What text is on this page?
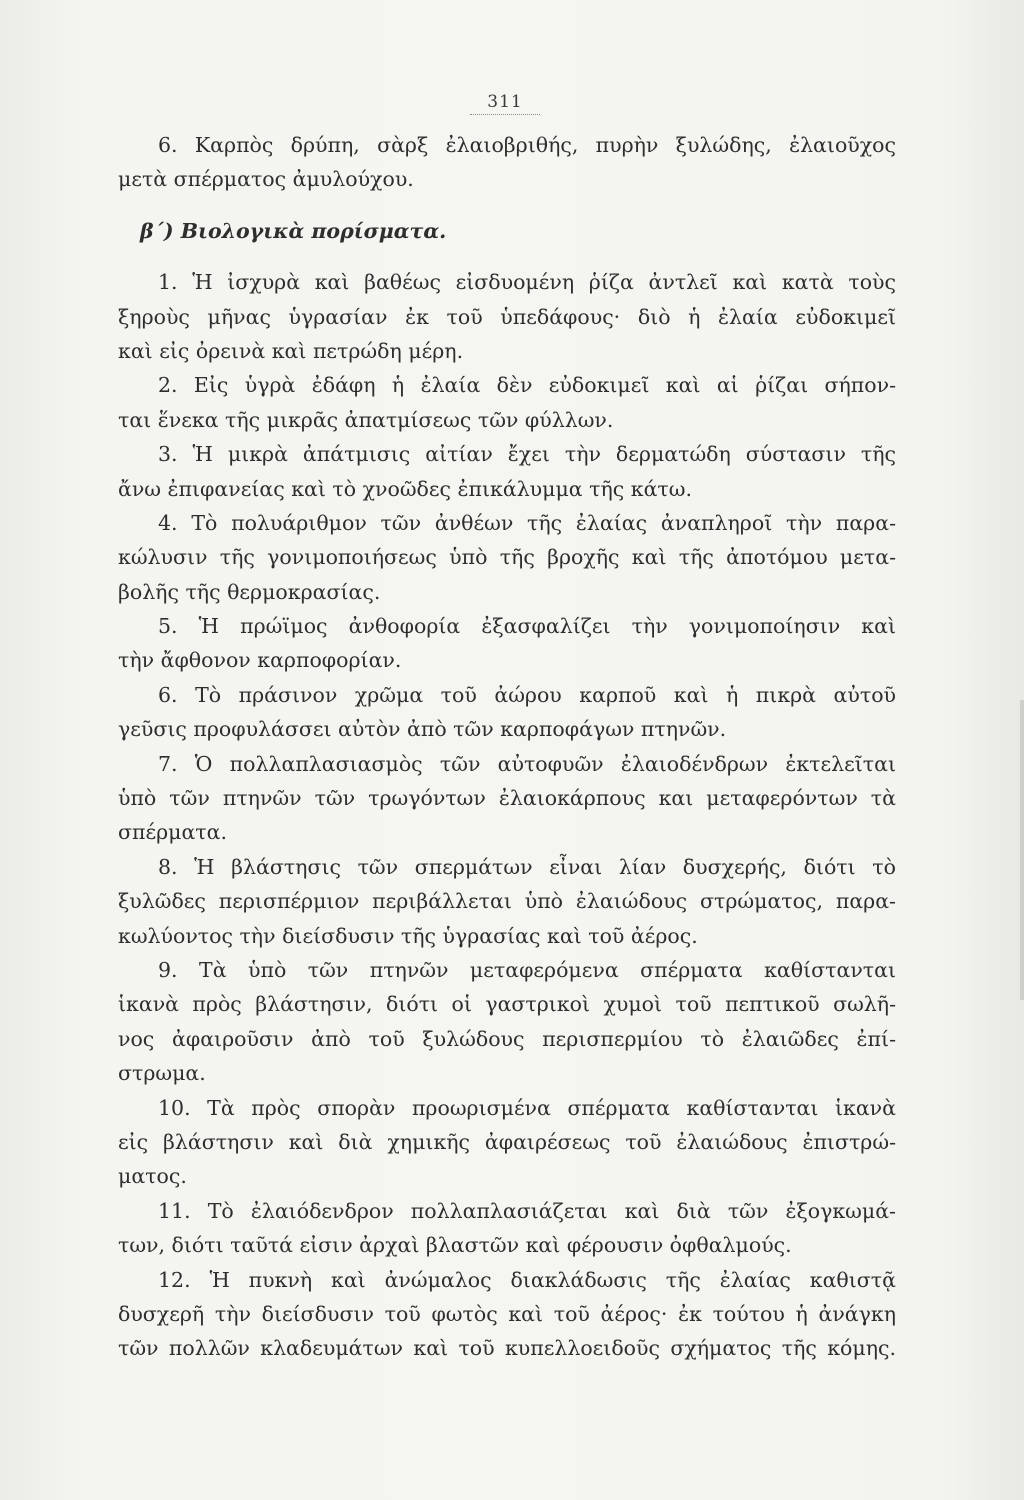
311
6. Καρπὸς δρύπη, σὰρξ ἐλαιοβριθής, πυρὴν ξυλώδης, ἐλαιοῦχος
μετὰ σπέρματος ἀμυλούχου.
β΄) Βιολογικὰ πορίσματα.
1. Ἡ ἰσχυρὰ καὶ βαθέως εἰσδυομένη ῥίζα ἀντλεῖ καὶ κατὰ τοὺς
ξηροὺς μῆνας ὑγρασίαν ἐκ τοῦ ὑπεδάφους· διὸ ἡ ἐλαία εὐδοκιμεῖ
καὶ εἰς ὀρεινὰ καὶ πετρώδη μέρη.
2. Εἰς ὑγρὰ ἐδάφη ἡ ἐλαία δὲν εὐδοκιμεῖ καὶ αἱ ῥίζαι σήπον-
ται ἕνεκα τῆς μικρᾶς ἀπατμίσεως τῶν φύλλων.
3. Ἡ μικρὰ ἀπάτμισις αἰτίαν ἔχει τὴν δερματώδη σύστασιν τῆς
ἄνω ἐπιφανείας καὶ τὸ χνοῶδες ἐπικάλυμμα τῆς κάτω.
4. Τὸ πολυάριθμον τῶν ἀνθέων τῆς ἐλαίας ἀναπληροῖ τὴν παρα-
κώλυσιν τῆς γονιμοποιήσεως ὑπὸ τῆς βροχῆς καὶ τῆς ἀποτόμου μετα-
βολῆς τῆς θερμοκρασίας.
5. Ἡ πρώϊμος ἀνθοφορία ἐξασφαλίζει τὴν γονιμοποίησιν καὶ
τὴν ἄφθονον καρποφορίαν.
6. Τὸ πράσινον χρῶμα τοῦ ἀώρου καρποῦ καὶ ἡ πικρὰ αὐτοῦ
γεῦσις προφυλάσσει αὐτὸν ἀπὸ τῶν καρποφάγων πτηνῶν.
7. Ὁ πολλαπλασιασμὸς τῶν αὐτοφυῶν ἐλαιοδένδρων ἐκτελεῖται
ὑπὸ τῶν πτηνῶν τῶν τρωγόντων ἐλαιοκάρπους και μεταφερόντων τὰ
σπέρματα.
8. Ἡ βλάστησις τῶν σπερμάτων εἶναι λίαν δυσχερής, διότι τὸ
ξυλῶδες περισπέρμιον περιβάλλεται ὑπὸ ἐλαιώδους στρώματος, παρα-
κωλύοντος τὴν διείσδυσιν τῆς ὑγρασίας καὶ τοῦ ἀέρος.
9. Τὰ ὑπὸ τῶν πτηνῶν μεταφερόμενα σπέρματα καθίστανται
ἱκανὰ πρὸς βλάστησιν, διότι οἱ γαστρικοὶ χυμοὶ τοῦ πεπτικοῦ σωλῆ-
νος ἀφαιροῦσιν ἀπὸ τοῦ ξυλώδους περισπερμίου τὸ ἐλαιῶδες ἐπί-
στρωμα.
10. Τὰ πρὸς σπορὰν προωρισμένα σπέρματα καθίστανται ἱκανὰ
εἰς βλάστησιν καὶ διὰ χημικῆς ἀφαιρέσεως τοῦ ἐλαιώδους ἐπιστρώ-
ματος.
11. Τὸ ἐλαιόδενδρον πολλαπλασιάζεται καὶ διὰ τῶν ἐξογκωμά-
των, διότι ταῦτά εἰσιν ἀρχαὶ βλαστῶν καὶ φέρουσιν ὀφθαλμούς.
12. Ἡ πυκνὴ καὶ ἀνώμαλος διακλάδωσις τῆς ἐλαίας καθιστᾷ
δυσχερῆ τὴν διείσδυσιν τοῦ φωτὸς καὶ τοῦ ἀέρος· ἐκ τούτου ἡ ἀνάγκη
τῶν πολλῶν κλαδευμάτων καὶ τοῦ κυπελλοειδοῦς σχήματος τῆς κόμης.
